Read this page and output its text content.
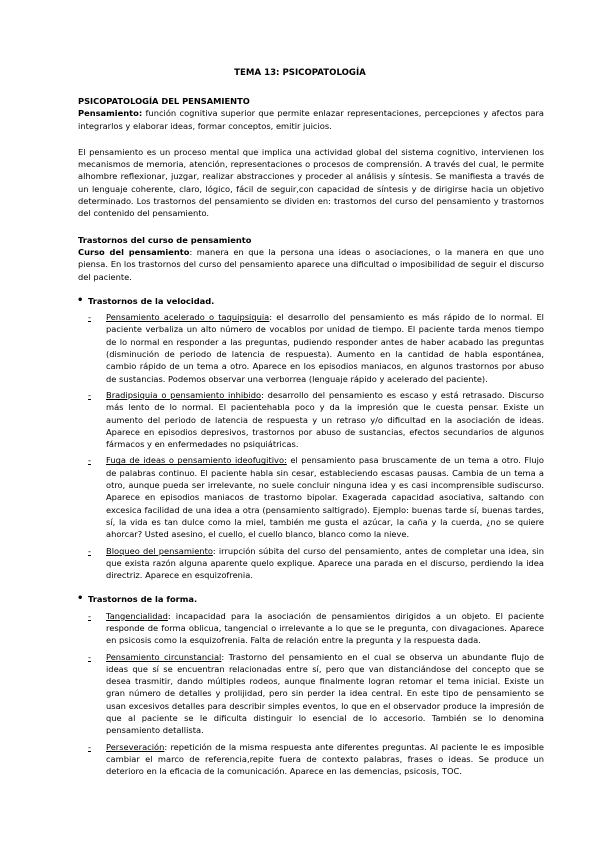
TEMA 13: PSICOPATOLOGÍA

PSICOPATOLOGÍA DEL PENSAMIENTO

Pensamiento: función cognitiva superior que permite enlazar representaciones, percepciones y afectos para integrarlos y elaborar ideas, formar conceptos, emitir juicios.

El pensamiento es un proceso mental que implica una actividad global del sistema cognitivo, intervienen los mecanismos de memoria, atención, representaciones o procesos de comprensión. A través del cual, le permite alhombre reflexionar, juzgar, realizar abstracciones y proceder al análisis y síntesis. Se manifiesta a través de un lenguaje coherente, claro, lógico, fácil de seguir,con capacidad de síntesis y de dirigirse hacia un objetivo determinado. Los trastornos del pensamiento se dividen en: trastornos del curso del pensamiento y trastornos del contenido del pensamiento.

Trastornos del curso de pensamiento

Curso del pensamiento: manera en que la persona una ideas o asociaciones, o la manera en que uno piensa. En los trastornos del curso del pensamiento aparece una dificultad o imposibilidad de seguir el discurso del paciente.

• Trastornos de la velocidad.
- Pensamiento acelerado o taquipsiquia: el desarrollo del pensamiento es más rápido de lo normal. El paciente verbaliza un alto número de vocablos por unidad de tiempo. El paciente tarda menos tiempo de lo normal en responder a las preguntas, pudiendo responder antes de haber acabado las preguntas (disminución de periodo de latencia de respuesta). Aumento en la cantidad de habla espontánea, cambio rápido de un tema a otro. Aparece en los episodios maniacos, en algunos trastornos por abuso de sustancias. Podemos observar una verborrea (lenguaje rápido y acelerado del paciente).
- Bradipsiquia o pensamiento inhibido: desarrollo del pensamiento es escaso y está retrasado. Discurso más lento de lo normal. El pacientehabla poco y da la impresión que le cuesta pensar. Existe un aumento del periodo de latencia de respuesta y un retraso y/o dificultad en la asociación de ideas. Aparece en episodios depresivos, trastornos por abuso de sustancias, efectos secundarios de algunos fármacos y en enfermedades no psiquiátricas.
- Fuga de ideas o pensamiento ideofugitivo: el pensamiento pasa bruscamente de un tema a otro. Flujo de palabras continuo. El paciente habla sin cesar, estableciendo escasas pausas. Cambia de un tema a otro, aunque pueda ser irrelevante, no suele concluir ninguna idea y es casi incomprensible sudiscurso. Aparece en episodios maniacos de trastorno bipolar. Exagerada capacidad asociativa, saltando con excesica facilidad de una idea a otra (pensamiento saltigrado). Ejemplo: buenas tarde sí, buenas tardes, sí, la vida es tan dulce como la miel, también me gusta el azúcar, la caña y la cuerda, ¿no se quiere ahorcar? Usted asesino, el cuello, el cuello blanco, blanco como la nieve.
- Bloqueo del pensamiento: irrupción súbita del curso del pensamiento, antes de completar una idea, sin que exista razón alguna aparente quelo explique. Aparece una parada en el discurso, perdiendo la idea directriz. Aparece en esquizofrenia.
• Trastornos de la forma.
- Tangencialidad: incapacidad para la asociación de pensamientos dirigidos a un objeto. El paciente responde de forma oblicua, tangencial o irrelevante a lo que se le pregunta, con divagaciones. Aparece en psicosis como la esquizofrenia. Falta de relación entre la pregunta y la respuesta dada.
- Pensamiento circunstancial: Trastorno del pensamiento en el cual se observa un abundante flujo de ideas que sí se encuentran relacionadas entre sí, pero que van distanciándose del concepto que se desea trasmitir, dando múltiples rodeos, aunque finalmente logran retomar el tema inicial. Existe un gran número de detalles y prolijidad, pero sin perder la idea central. En este tipo de pensamiento se usan excesivos detalles para describir simples eventos, lo que en el observador produce la impresión de que al paciente se le dificulta distinguir lo esencial de lo accesorio. También se lo denomina pensamiento detallista.
- Perseveración: repetición de la misma respuesta ante diferentes preguntas. Al paciente le es imposible cambiar el marco de referencia,repite fuera de contexto palabras, frases o ideas. Se produce un deterioro en la eficacia de la comunicación. Aparece en las demencias, psicosis, TOC.
